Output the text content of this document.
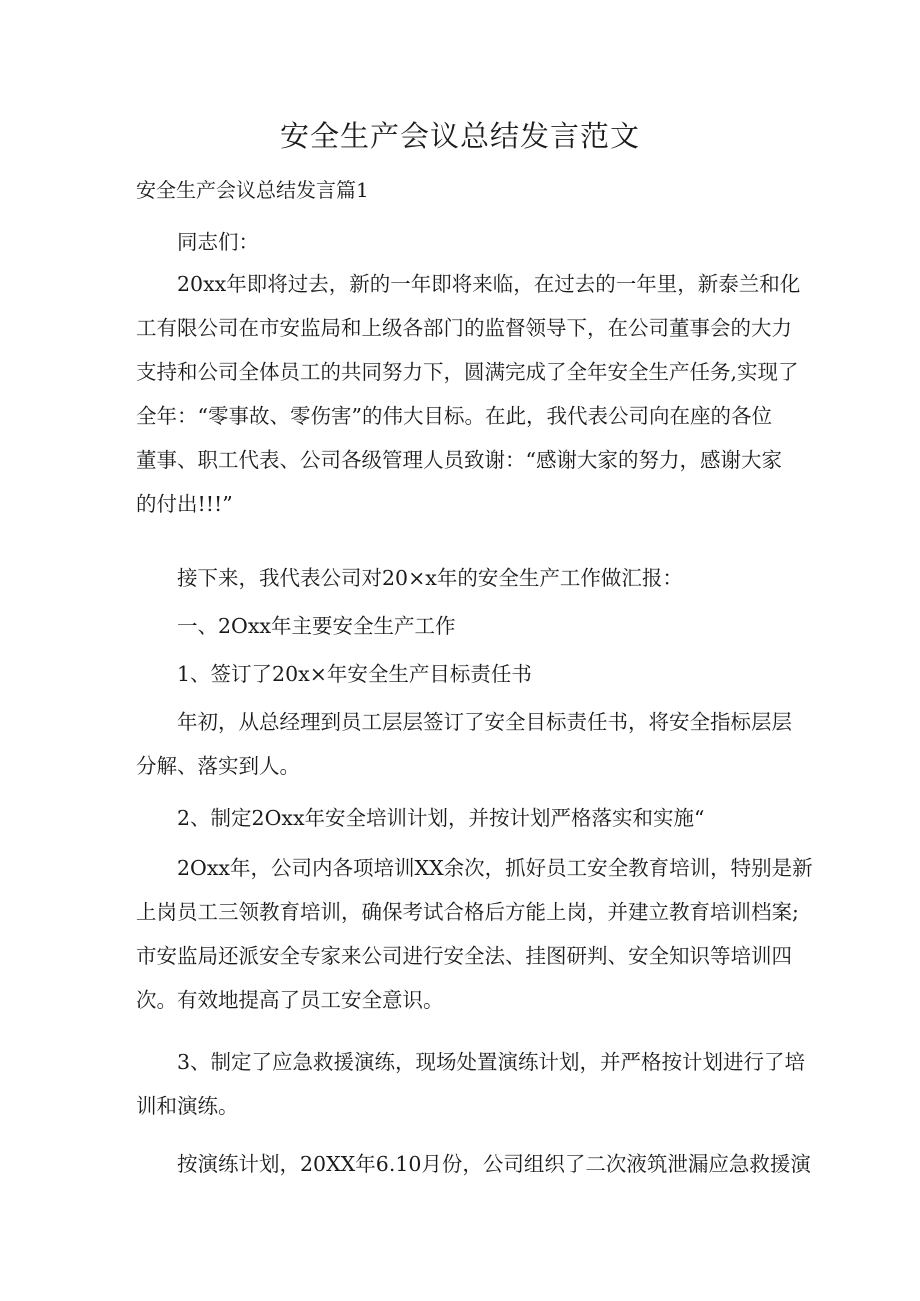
安全生产会议总结发言范文
安全生产会议总结发言篇1

同志们：

20xx年即将过去，新的一年即将来临，在过去的一年里，新泰兰和化
工有限公司在市安监局和上级各部门的监督领导下，在公司董事会的大力
支持和公司全体员工的共同努力下，圆满完成了全年安全生产任务,实现了
全年：“零事故、零伤害”的伟大目标。在此，我代表公司向在座的各位
董事、职工代表、公司各级管理人员致谢：“感谢大家的努力，感谢大家
的付出!!!”

接下来，我代表公司对20×x年的安全生产工作做汇报：

一、2Oxx年主要安全生产工作

1、签订了20x×年安全生产目标责任书

年初，从总经理到员工层层签订了安全目标责任书，将安全指标层层
分解、落实到人。

2、制定2Oxx年安全培训计划，并按计划严格落实和实施“

2Oxx年，公司内各项培训XX余次，抓好员工安全教育培训，特别是新
上岗员工三领教育培训，确保考试合格后方能上岗，并建立教育培训档案;
市安监局还派安全专家来公司进行安全法、挂图研判、安全知识等培训四
次。有效地提高了员工安全意识。

3、制定了应急救援演练，现场处置演练计划，并严格按计划进行了培
训和演练。

按演练计划，20XX年6.10月份，公司组织了二次液筑泄漏应急救援演
